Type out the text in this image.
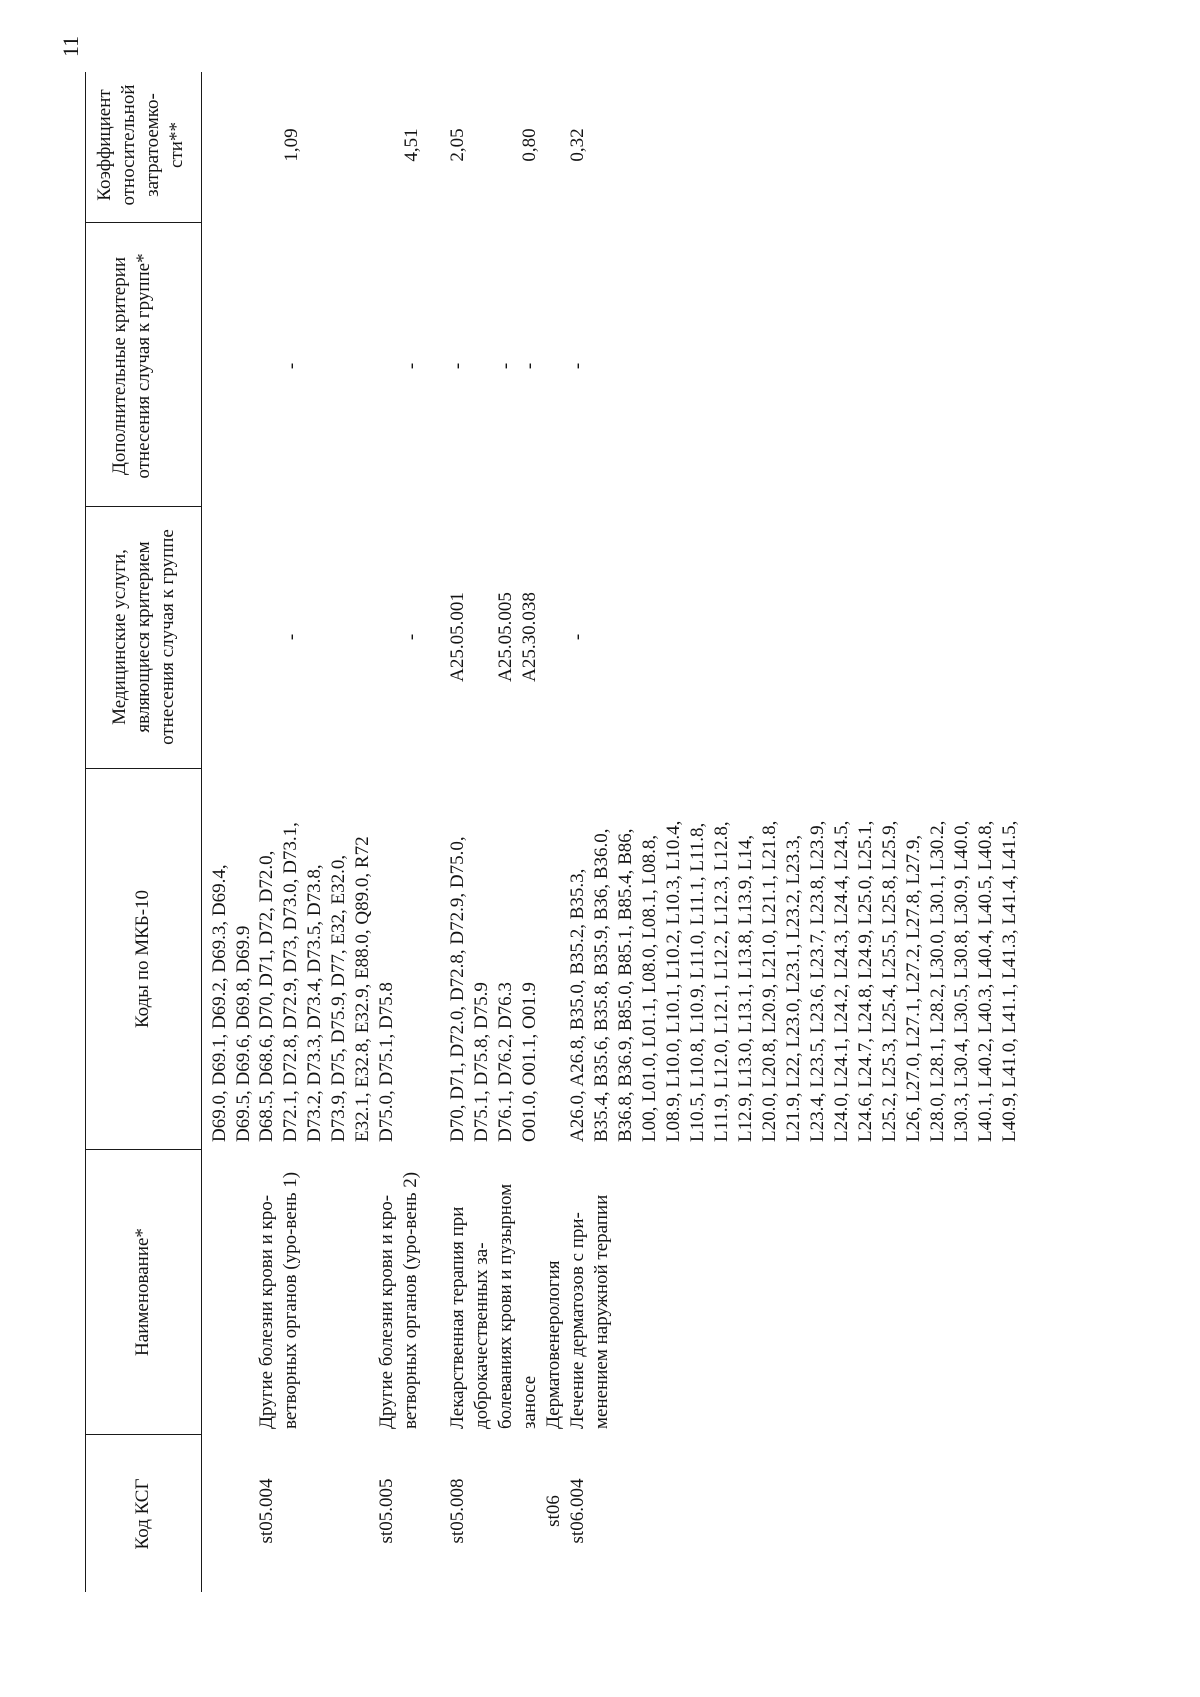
11
Код КСГ
Наименование*
Коды по МКБ-10
Медицинские услуги, являющиеся критерием отнесения случая к группе
Дополнительные критерии отнесения случая к группе*
Коэффициент относительной затратоемко-сти**
D69.0, D69.1, D69.2, D69.3, D69.4, D69.5, D69.6, D69.8, D69.9
st05.004
Другие болезни крови и кро-ветворных органов (уро-вень 1)
D68.5, D68.6, D70, D71, D72, D72.0, D72.1, D72.8, D72.9, D73, D73.0, D73.1, D73.2, D73.3, D73.4, D73.5, D73.8, D73.9, D75, D75.9, D77, E32, E32.0, E32.1, E32.8, E32.9, E88.0, Q89.0, R72
-
-
1,09
st05.005
Другие болезни крови и кро-ветворных органов (уро-вень 2)
D75.0, D75.1, D75.8
-
-
4,51
st05.008
Лекарственная терапия при доброкачественных за-болеваниях крови и пузырном заносе
D70, D71, D72.0, D72.8, D72.9, D75.0, D75.1, D75.8, D75.9 D76.1, D76.2, D76.3 O01.0, O01.1, O01.9
A25.05.001
A25.05.005 A25.30.038
-
- -
2,05

	0,80
st06
Дерматовенерология
st06.004
Лечение дерматозов с при-менением наружной терапии
A26.0, A26.8, B35.0, B35.2, B35.3, B35.4, B35.6, B35.8, B35.9, B36, B36.0, B36.8, B36.9, B85.0, B85.1, B85.4, B86, L00, L01.0, L01.1, L08.0, L08.1, L08.8, L08.9, L10.0, L10.1, L10.2, L10.3, L10.4, L10.5, L10.8, L10.9, L11.0, L11.1, L11.8, L11.9, L12.0, L12.1, L12.2, L12.3, L12.8, L12.9, L13.0, L13.1, L13.8, L13.9, L14, L20.0, L20.8, L20.9, L21.0, L21.1, L21.8, L21.9, L22, L23.0, L23.1, L23.2, L23.3, L23.4, L23.5, L23.6, L23.7, L23.8, L23.9, L24.0, L24.1, L24.2, L24.3, L24.4, L24.5, L24.6, L24.7, L24.8, L24.9, L25.0, L25.1, L25.2, L25.3, L25.4, L25.5, L25.8, L25.9, L26, L27.0, L27.1, L27.2, L27.8, L27.9, L28.0, L28.1, L28.2, L30.0, L30.1, L30.2, L30.3, L30.4, L30.5, L30.8, L30.9, L40.0, L40.1, L40.2, L40.3, L40.4, L40.5, L40.8, L40.9, L41.0, L41.1, L41.3, L41.4, L41.5,
-
-
0,32
